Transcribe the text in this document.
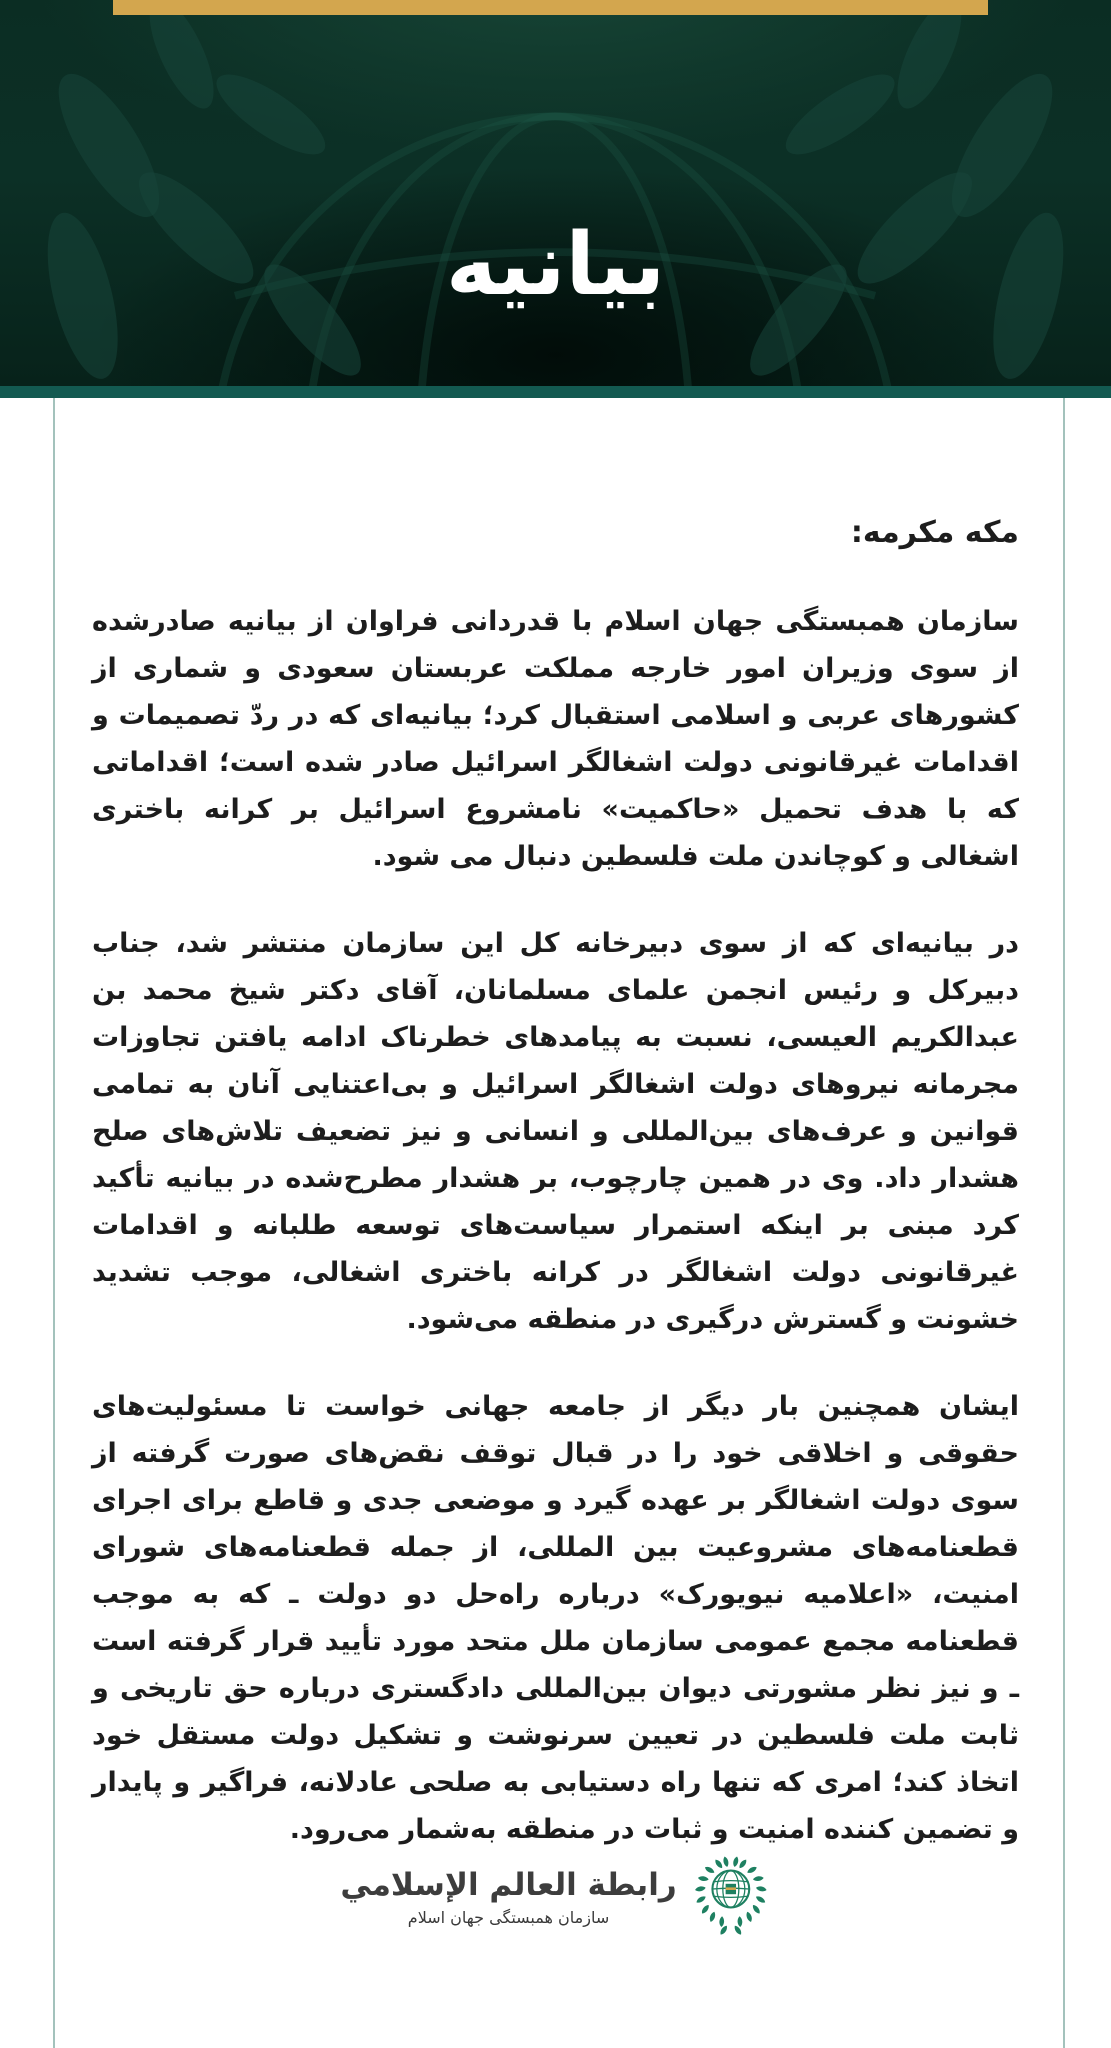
بیانیه
مکه مکرمه:

سازمان همبستگی جهان اسلام با قدردانی فراوان از بیانیه صادرشده از سوی وزیران امور خارجه مملکت عربستان سعودی و شماری از کشورهای عربی و اسلامی استقبال کرد؛ بیانیه‌ای که در ردّ تصمیمات و اقدامات غیرقانونی دولت اشغالگر اسرائیل صادر شده است؛ اقداماتی که با هدف تحمیل «حاکمیت» نامشروع اسرائیل بر کرانه باختری اشغالی و کوچاندن ملت فلسطین دنبال می شود.

در بیانیه‌ای که از سوی دبیرخانه کل این سازمان منتشر شد، جناب دبیرکل و رئیس انجمن علمای مسلمانان، آقای دکتر شیخ محمد بن عبدالکریم العیسی، نسبت به پیامدهای خطرناک ادامه یافتن تجاوزات مجرمانه نیروهای دولت اشغالگر اسرائیل و بی‌اعتنایی آنان به تمامی قوانین و عرف‌های بین‌المللی و انسانی و نیز تضعیف تلاش‌های صلح هشدار داد. وی در همین چارچوب، بر هشدار مطرح‌شده در بیانیه تأکید کرد مبنی بر اینکه استمرار سیاست‌های توسعه طلبانه و اقدامات غیرقانونی دولت اشغالگر در کرانه باختری اشغالی، موجب تشدید خشونت و گسترش درگیری در منطقه می‌شود.

ایشان همچنین بار دیگر از جامعه جهانی خواست تا مسئولیت‌های حقوقی و اخلاقی خود را در قبال توقف نقض‌های صورت گرفته از سوی دولت اشغالگر بر عهده گیرد و موضعی جدی و قاطع برای اجرای قطعنامه‌های مشروعیت بین المللی، از جمله قطعنامه‌های شورای امنیت، «اعلامیه نیویورک» درباره راه‌حل دو دولت ـ که به موجب قطعنامه مجمع عمومی سازمان ملل متحد مورد تأیید قرار گرفته است ـ و نیز نظر مشورتی دیوان بین‌المللی دادگستری درباره حق تاریخی و ثابت ملت فلسطین در تعیین سرنوشت و تشکیل دولت مستقل خود اتخاذ کند؛ امری که تنها راه دستیابی به صلحی عادلانه، فراگیر و پایدار و تضمین کننده امنیت و ثبات در منطقه به‌شمار می‌رود.

رابطة العالم الإسلامي
سازمان همبستگی جهان اسلام
